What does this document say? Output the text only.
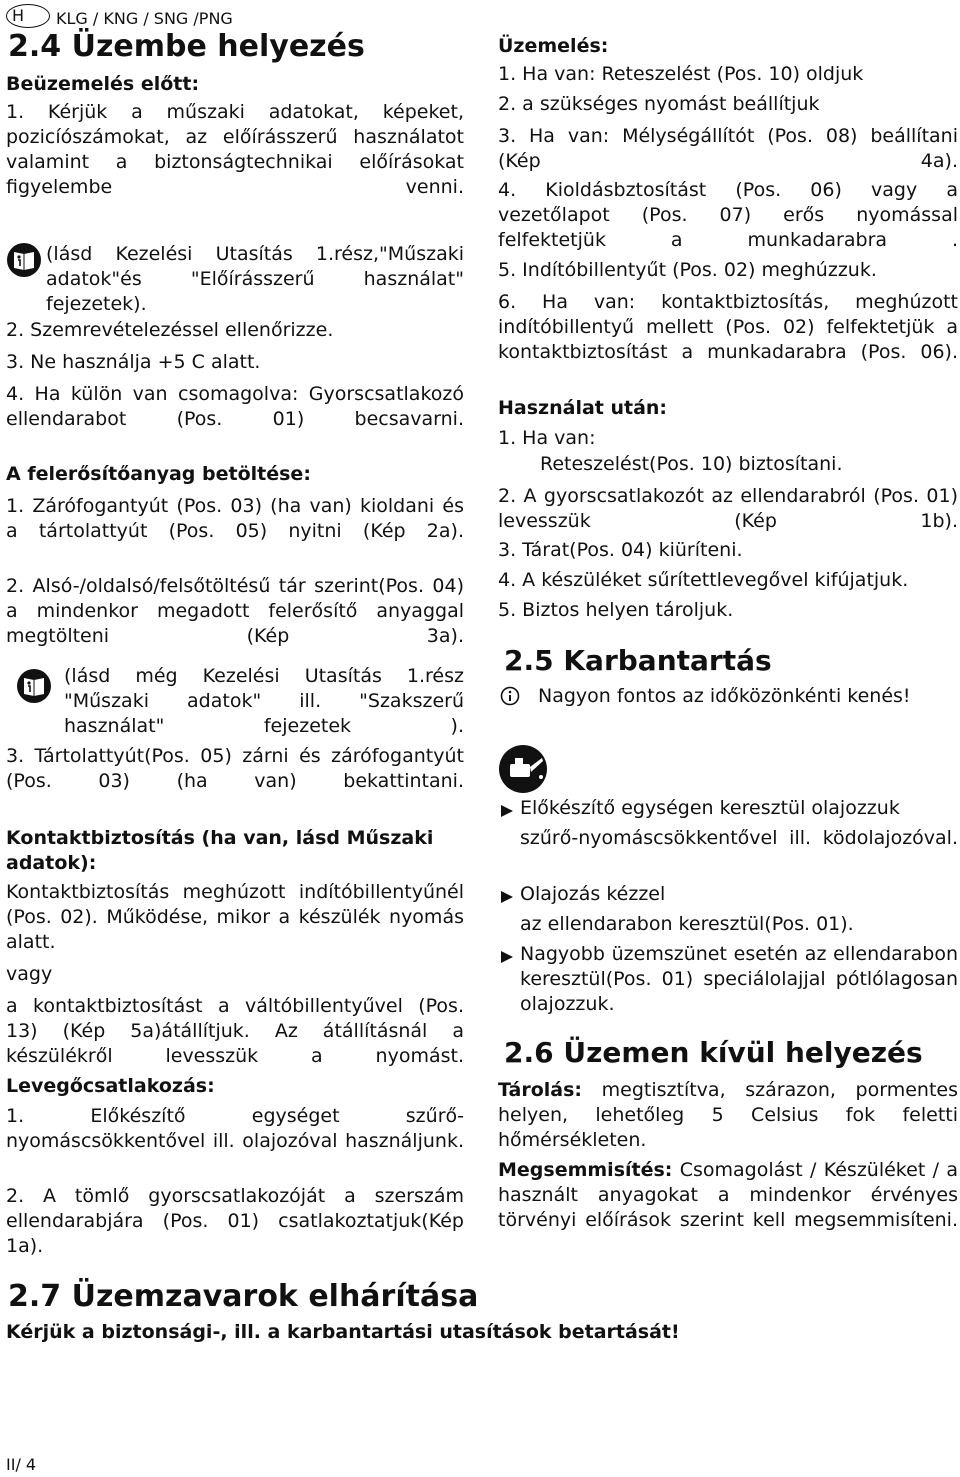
H	KLG / KNG / SNG /PNG
2.4 Üzembe helyezés
Beüzemelés előtt:
1. Kérjük a műszaki adatokat, képeket, pozicíószámokat, az előírásszerű használatot valamint a biztonságtechnikai előírásokat figyelembe venni.
(lásd Kezelési Utasítás 1.rész,"Műszaki adatok"és "Előírásszerű használat" fejezetek).
2. Szemrevételezéssel ellenőrizze.
3. Ne használja +5 C alatt.
4. Ha külön van csomagolva: Gyorscsatlakozó ellendarabot (Pos. 01) becsavarni.
A felerősítőanyag betöltése:
1. Zárófogantyút (Pos. 03) (ha van) kioldani és a tártolattyút (Pos. 05) nyitni (Kép 2a).
2. Alsó-/oldalsó/felsőtöltésű tár szerint(Pos. 04) a mindenkor megadott felerősítő anyaggal megtölteni (Kép 3a).
(lásd még Kezelési Utasítás 1.rész "Műszaki adatok" ill. "Szakszerű használat" fejezetek ).
3. Tártolattyút(Pos. 05) zárni és zárófogantyút (Pos. 03) (ha van) bekattintani.
Kontaktbiztosítás (ha van, lásd Műszaki adatok):
Kontaktbiztosítás meghúzott indítóbillentyűnél (Pos. 02). Működése, mikor a készülék nyomás alatt.
vagy
a kontaktbiztosítást a váltóbillentyűvel (Pos. 13) (Kép 5a)átállítjuk. Az átállításnál a készülékről levesszük a nyomást.
Levegőcsatlakozás:
1. Előkészítő egységet szűrő-nyomáscsökkentővel ill. olajozóval használjunk.
2. A tömlő gyorscsatlakozóját a szerszám ellendarabjára (Pos. 01) csatlakoztatjuk(Kép 1a).
Üzemelés:
1. Ha van: Reteszelést (Pos. 10) oldjuk
2. a szükséges nyomást beállítjuk
3. Ha van: Mélységállítót (Pos. 08) beállítani (Kép 4a).
4. Kioldásbztosítást (Pos. 06) vagy a vezetőlapot (Pos. 07) erős nyomással felfektetjük a munkadarabra .
5. Indítóbillentyűt (Pos. 02) meghúzzuk.
6. Ha van: kontaktbiztosítás, meghúzott indítóbillentyű mellett (Pos. 02) felfektetjük a kontaktbiztosítást a munkadarabra (Pos. 06).
Használat után:
1. Ha van:
Reteszelést(Pos. 10) biztosítani.
2. A gyorscsatlakozót az ellendarabról (Pos. 01) levesszük (Kép 1b).
3. Tárat(Pos. 04) kiüríteni.
4. A készüléket sűrítettlevegővel kifújatjuk.
5. Biztos helyen tároljuk.
2.5 Karbantartás
Nagyon fontos az időközönkénti kenés!
Előkészítő egységen keresztül olajozzuk
szűrő-nyomáscsökkentővel ill. ködolajozóval.
Olajozás kézzel
az ellendarabon keresztül(Pos. 01).
Nagyobb üzemszünet esetén az ellendarabon keresztül(Pos. 01) speciálolajjal pótlólagosan olajozzuk.
2.6 Üzemen kívül helyezés
Tárolás: megtisztítva, szárazon, pormentes helyen, lehetőleg 5 Celsius fok feletti hőmérsékleten.
Megsemmisítés: Csomagolást / Készüléket / a használt anyagokat a mindenkor érvényes törvényi előírások szerint kell megsemmisíteni.
2.7 Üzemzavarok elhárítása
Kérjük a biztonsági-, ill. a karbantartási utasítások betartását!
II/ 4
